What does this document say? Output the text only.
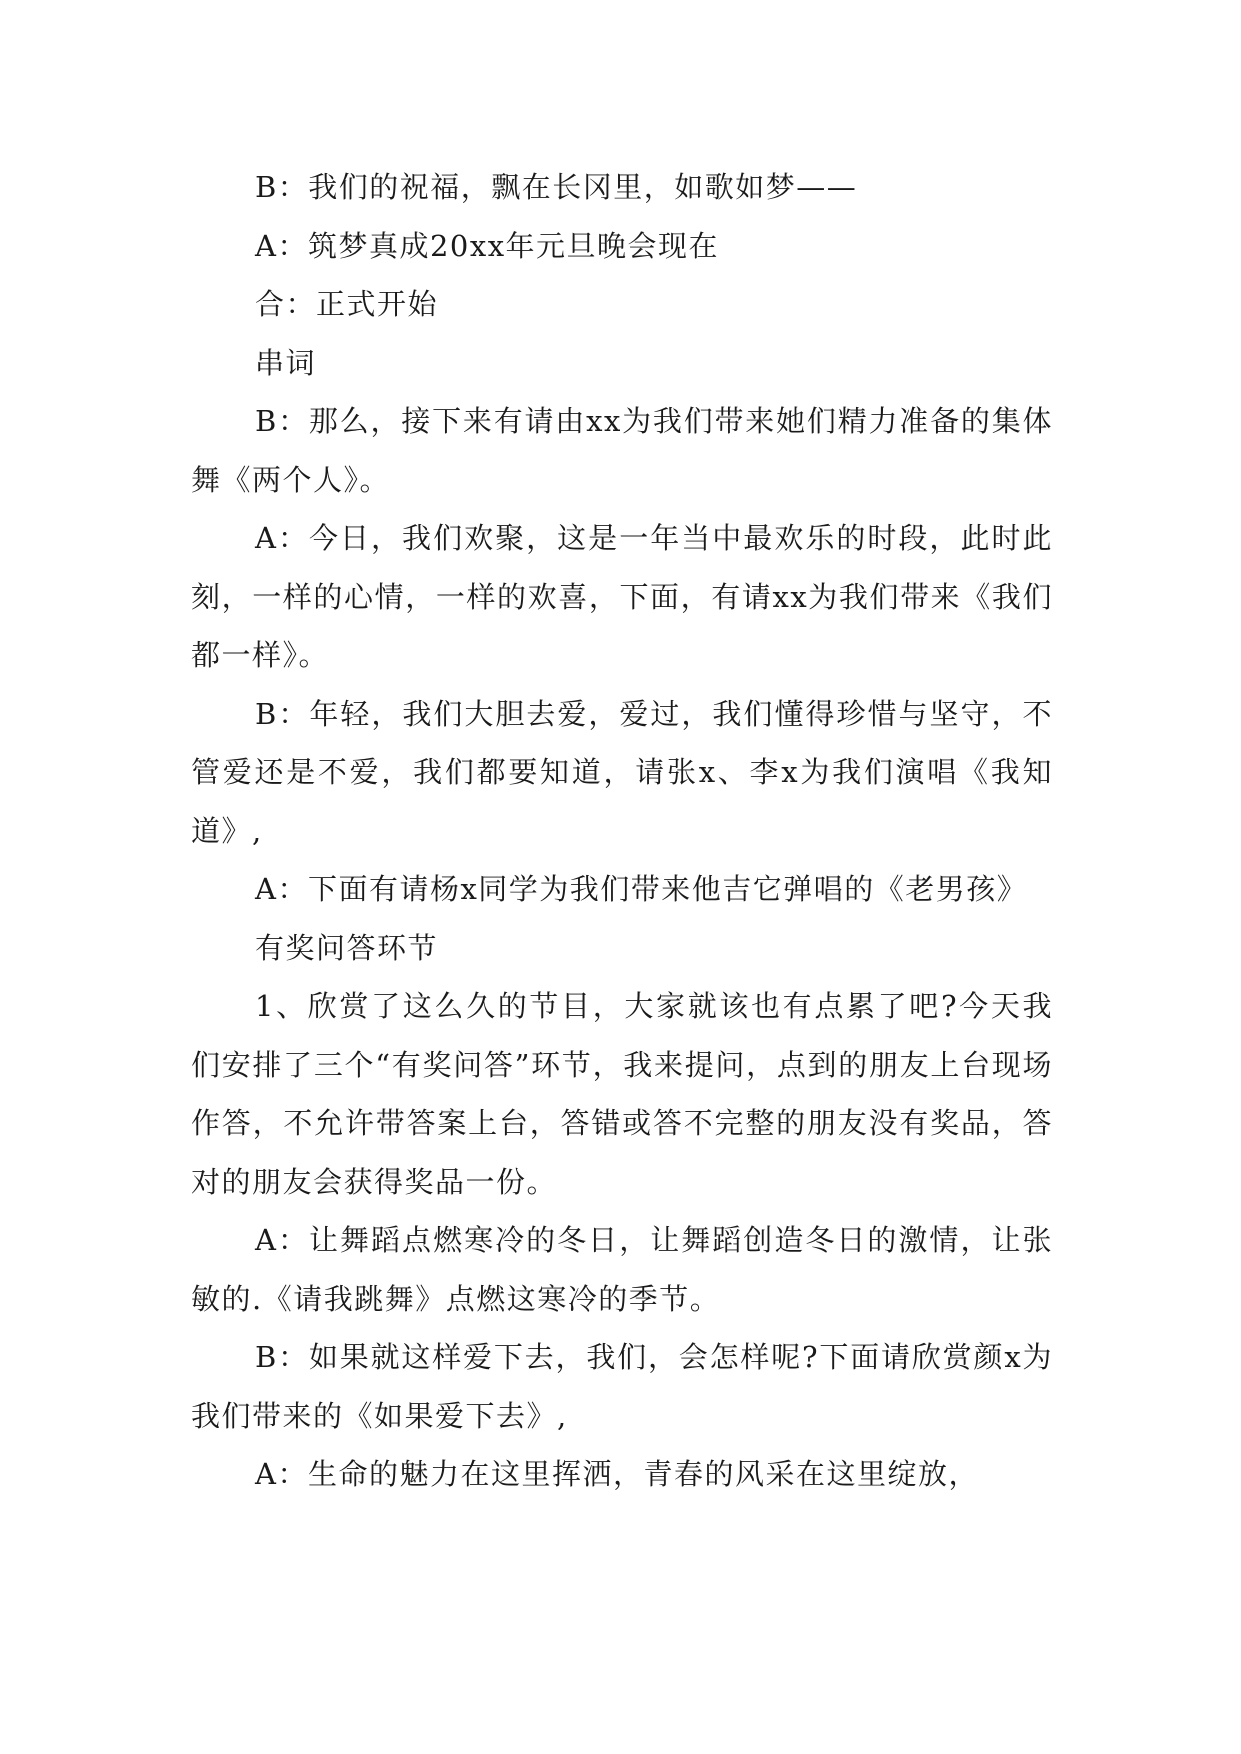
B：我们的祝福，飘在长冈里，如歌如梦——

A：筑梦真成20xx年元旦晚会现在

合：正式开始

串词

B：那么，接下来有请由xx为我们带来她们精力准备的集体舞《两个人》。

A：今日，我们欢聚，这是一年当中最欢乐的时段，此时此刻，一样的心情，一样的欢喜，下面，有请xx为我们带来《我们都一样》。

B：年轻，我们大胆去爱，爱过，我们懂得珍惜与坚守，不管爱还是不爱，我们都要知道，请张x、李x为我们演唱《我知道》,

A：下面有请杨x同学为我们带来他吉它弹唱的《老男孩》

有奖问答环节

1、欣赏了这么久的节目，大家就该也有点累了吧?今天我们安排了三个“有奖问答”环节，我来提问，点到的朋友上台现场作答，不允许带答案上台，答错或答不完整的朋友没有奖品，答对的朋友会获得奖品一份。

A：让舞蹈点燃寒冷的冬日，让舞蹈创造冬日的激情，让张敏的.《请我跳舞》点燃这寒冷的季节。

B：如果就这样爱下去，我们，会怎样呢?下面请欣赏颜x为我们带来的《如果爱下去》,

A：生命的魅力在这里挥洒，青春的风采在这里绽放，
